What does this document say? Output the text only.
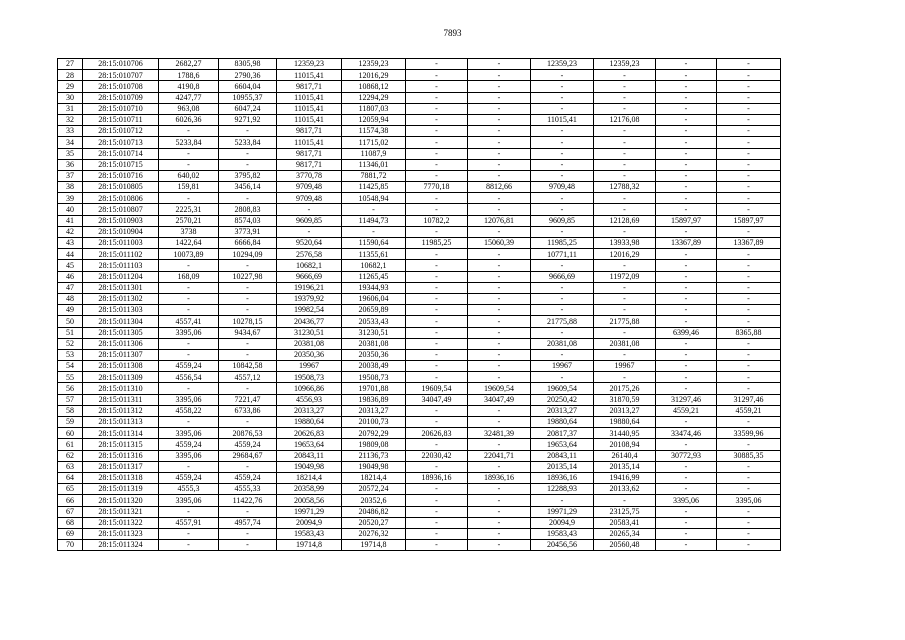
7893
27	28:15:010706	2682,27	8305,98	12359,23	12359,23	-	-	12359,23	12359,23	-	-
28	28:15:010707	1788,6	2790,36	11015,41	12016,29	-	-	-	-	-	-
29	28:15:010708	4190,8	6604,04	9817,71	10868,12	-	-	-	-	-	-
30	28:15:010709	4247,77	10955,37	11015,41	12294,29	-	-	-	-	-	-
31	28:15:010710	963,08	6047,24	11015,41	11807,03	-	-	-	-	-	-
32	28:15:010711	6026,36	9271,92	11015,41	12059,94	-	-	11015,41	12176,08	-	-
33	28:15:010712	-	-	9817,71	11574,38	-	-	-	-	-	-
34	28:15:010713	5233,84	5233,84	11015,41	11715,02	-	-	-	-	-	-
35	28:15:010714	-	-	9817,71	11087,9	-	-	-	-	-	-
36	28:15:010715	-	-	9817,71	11346,01	-	-	-	-	-	-
37	28:15:010716	640,02	3795,82	3770,78	7881,72	-	-	-	-	-	-
38	28:15:010805	159,81	3456,14	9709,48	11425,85	7770,18	8812,66	9709,48	12788,32	-	-
39	28:15:010806	-	-	9709,48	10548,94	-	-	-	-	-	-
40	28:15:010807	2225,31	2808,83	-	-	-	-	-	-	-	-
41	28:15:010903	2570,21	8574,03	9609,85	11494,73	10782,2	12076,81	9609,85	12128,69	15897,97	15897,97
42	28:15:010904	3738	3773,91	-	-	-	-	-	-	-	-
43	28:15:011003	1422,64	6666,84	9520,64	11590,64	11985,25	15060,39	11985,25	13933,98	13367,89	13367,89
44	28:15:011102	10073,89	10294,09	2576,58	11355,61	-	-	10771,11	12016,29	-	-
45	28:15:011103	-	-	10682,1	10682,1	-	-	-	-	-	-
46	28:15:011204	168,09	10227,98	9666,69	11265,45	-	-	9666,69	11972,09	-	-
47	28:15:011301	-	-	19196,21	19344,93	-	-	-	-	-	-
48	28:15:011302	-	-	19379,92	19606,04	-	-	-	-	-	-
49	28:15:011303	-	-	19982,54	20659,89	-	-	-	-	-	-
50	28:15:011304	4557,41	10278,15	20436,77	20533,43	-	-	21775,88	21775,88	-	-
51	28:15:011305	3395,06	9434,67	31230,51	31230,51	-	-	-	-	6399,46	8365,88
52	28:15:011306	-	-	20381,08	20381,08	-	-	20381,08	20381,08	-	-
53	28:15:011307	-	-	20350,36	20350,36	-	-	-	-	-	-
54	28:15:011308	4559,24	10842,58	19967	20038,49	-	-	19967	19967	-	-
55	28:15:011309	4556,54	4557,12	19508,73	19508,73	-	-	-	-	-	-
56	28:15:011310	-	-	10966,86	19701,88	19609,54	19609,54	19609,54	20175,26	-	-
57	28:15:011311	3395,06	7221,47	4556,93	19836,89	34047,49	34047,49	20250,42	31870,59	31297,46	31297,46
58	28:15:011312	4558,22	6733,86	20313,27	20313,27	-	-	20313,27	20313,27	4559,21	4559,21
59	28:15:011313	-	-	19880,64	20100,73	-	-	19880,64	19880,64	-	-
60	28:15:011314	3395,06	20876,53	20626,83	20792,29	20626,83	32481,39	20817,37	31440,95	33474,46	33599,96
61	28:15:011315	4559,24	4559,24	19653,64	19809,08	-	-	19653,64	20108,94	-	-
62	28:15:011316	3395,06	29684,67	20843,11	21136,73	22030,42	22041,71	20843,11	26140,4	30772,93	30885,35
63	28:15:011317	-	-	19049,98	19049,98	-	-	20135,14	20135,14	-	-
64	28:15:011318	4559,24	4559,24	18214,4	18214,4	18936,16	18936,16	18936,16	19416,99	-	-
65	28:15:011319	4555,3	4555,33	20358,99	20572,24	-	-	12288,93	20133,62	-	-
66	28:15:011320	3395,06	11422,76	20058,56	20352,6	-	-	-	-	3395,06	3395,06
67	28:15:011321	-	-	19971,29	20486,82	-	-	19971,29	23125,75	-	-
68	28:15:011322	4557,91	4957,74	20094,9	20520,27	-	-	20094,9	20583,41	-	-
69	28:15:011323	-	-	19583,43	20276,32	-	-	19583,43	20265,34	-	-
70	28:15:011324	-	-	19714,8	19714,8	-	-	20456,56	20560,48	-	-
